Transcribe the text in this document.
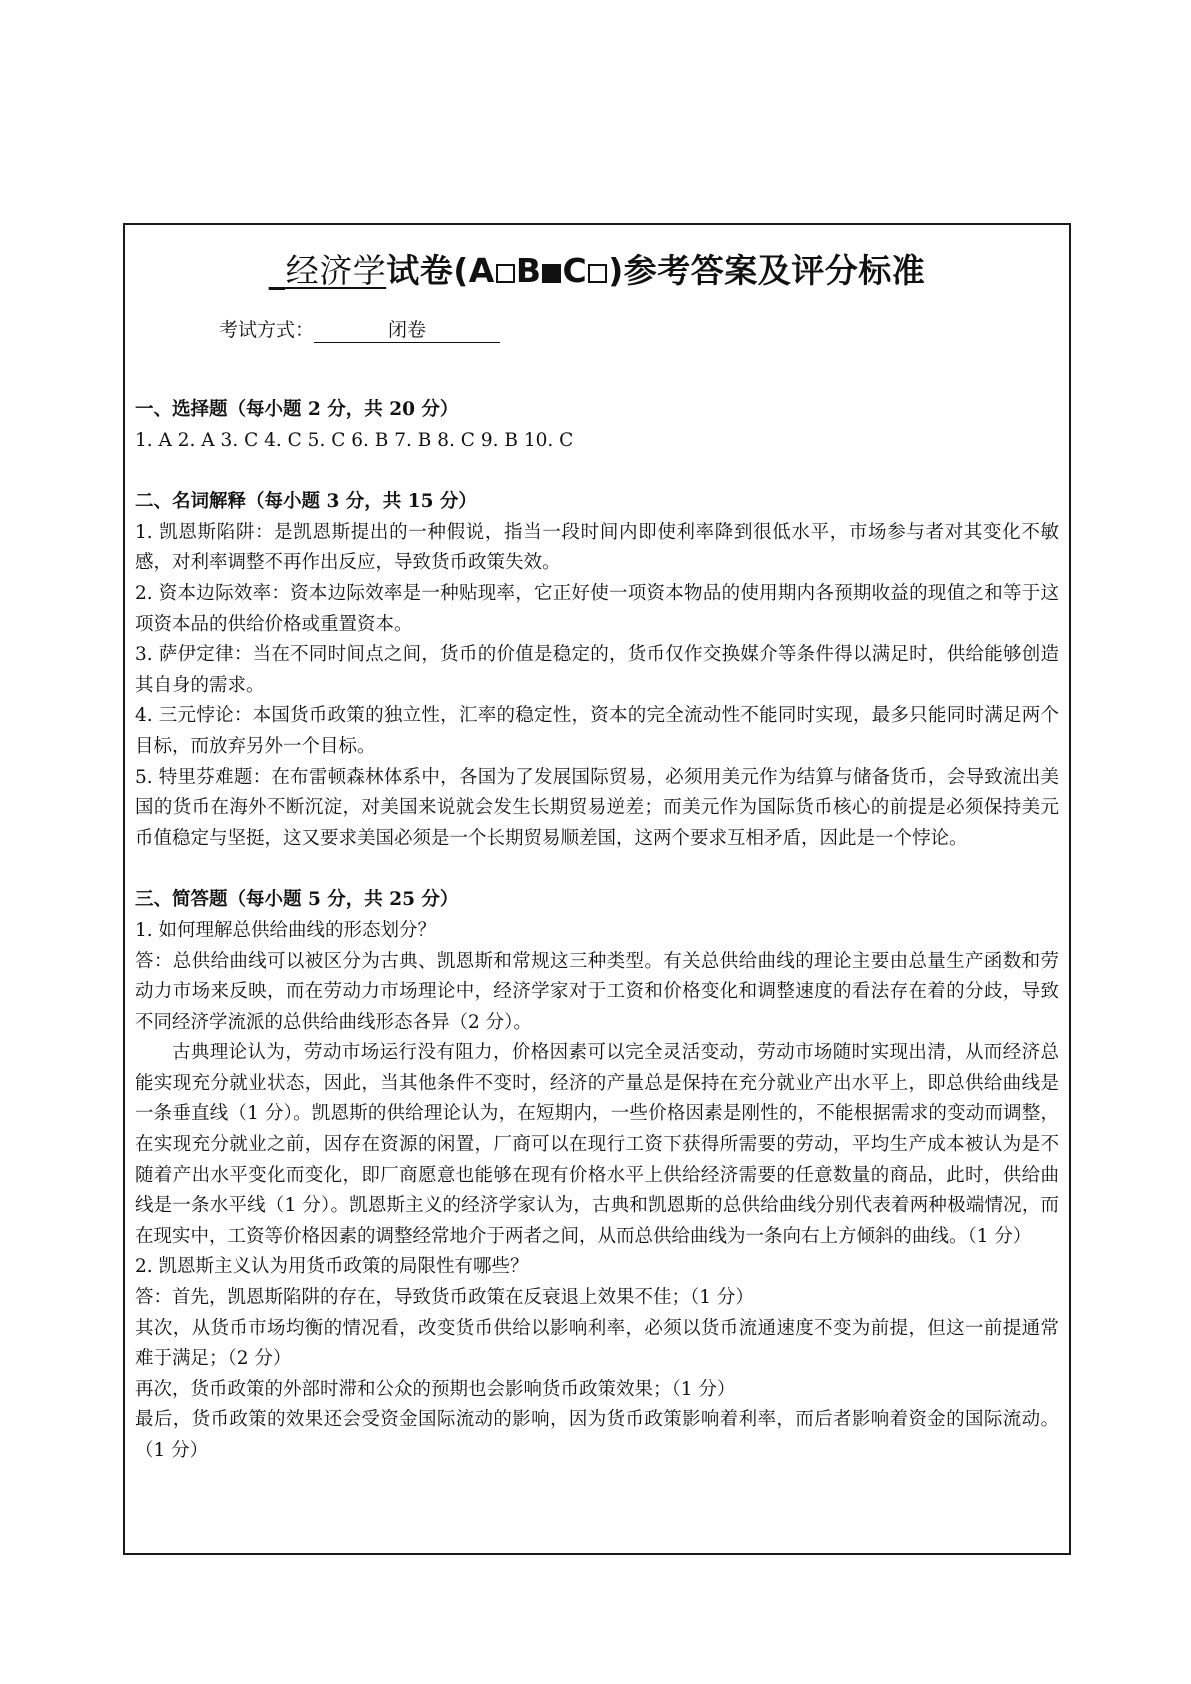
_经济学试卷(A B C )参考答案及评分标准
考试方式：	闭卷

一、选择题（每小题 2 分，共 20 分）

1. A 2. A 3. C 4. C 5. C 6. B 7. B 8. C 9. B 10. C

二、名词解释（每小题 3 分，共 15 分）

1. 凯恩斯陷阱：是凯恩斯提出的一种假说，指当一段时间内即使利率降到很低水平，市场参与者对其变化不敏感，对利率调整不再作出反应，导致货币政策失效。

2. 资本边际效率：资本边际效率是一种贴现率，它正好使一项资本物品的使用期内各预期收益的现值之和等于这项资本品的供给价格或重置资本。

3. 萨伊定律：当在不同时间点之间，货币的价值是稳定的，货币仅作交换媒介等条件得以满足时，供给能够创造其自身的需求。

4. 三元悖论：本国货币政策的独立性，汇率的稳定性，资本的完全流动性不能同时实现，最多只能同时满足两个目标，而放弃另外一个目标。

5. 特里芬难题：在布雷顿森林体系中，各国为了发展国际贸易，必须用美元作为结算与储备货币，会导致流出美国的货币在海外不断沉淀，对美国来说就会发生长期贸易逆差；而美元作为国际货币核心的前提是必须保持美元币值稳定与坚挺，这又要求美国必须是一个长期贸易顺差国，这两个要求互相矛盾，因此是一个悖论。

三、简答题（每小题 5 分，共 25 分）

1. 如何理解总供给曲线的形态划分？

答：总供给曲线可以被区分为古典、凯恩斯和常规这三种类型。有关总供给曲线的理论主要由总量生产函数和劳动力市场来反映，而在劳动力市场理论中，经济学家对于工资和价格变化和调整速度的看法存在着的分歧，导致不同经济学流派的总供给曲线形态各异（2 分）。

古典理论认为，劳动市场运行没有阻力，价格因素可以完全灵活变动，劳动市场随时实现出清，从而经济总能实现充分就业状态，因此，当其他条件不变时，经济的产量总是保持在充分就业产出水平上，即总供给曲线是一条垂直线（1 分）。凯恩斯的供给理论认为，在短期内，一些价格因素是刚性的，不能根据需求的变动而调整，在实现充分就业之前，因存在资源的闲置，厂商可以在现行工资下获得所需要的劳动，平均生产成本被认为是不随着产出水平变化而变化，即厂商愿意也能够在现有价格水平上供给经济需要的任意数量的商品，此时，供给曲线是一条水平线（1 分）。凯恩斯主义的经济学家认为，古典和凯恩斯的总供给曲线分别代表着两种极端情况，而在现实中，工资等价格因素的调整经常地介于两者之间，从而总供给曲线为一条向右上方倾斜的曲线。（1 分）

2. 凯恩斯主义认为用货币政策的局限性有哪些？

答：首先，凯恩斯陷阱的存在，导致货币政策在反衰退上效果不佳；（1 分）

其次，从货币市场均衡的情况看，改变货币供给以影响利率，必须以货币流通速度不变为前提，但这一前提通常难于满足；（2 分）

再次，货币政策的外部时滞和公众的预期也会影响货币政策效果；（1 分）

最后，货币政策的效果还会受资金国际流动的影响，因为货币政策影响着利率，而后者影响着资金的国际流动。（1 分）
